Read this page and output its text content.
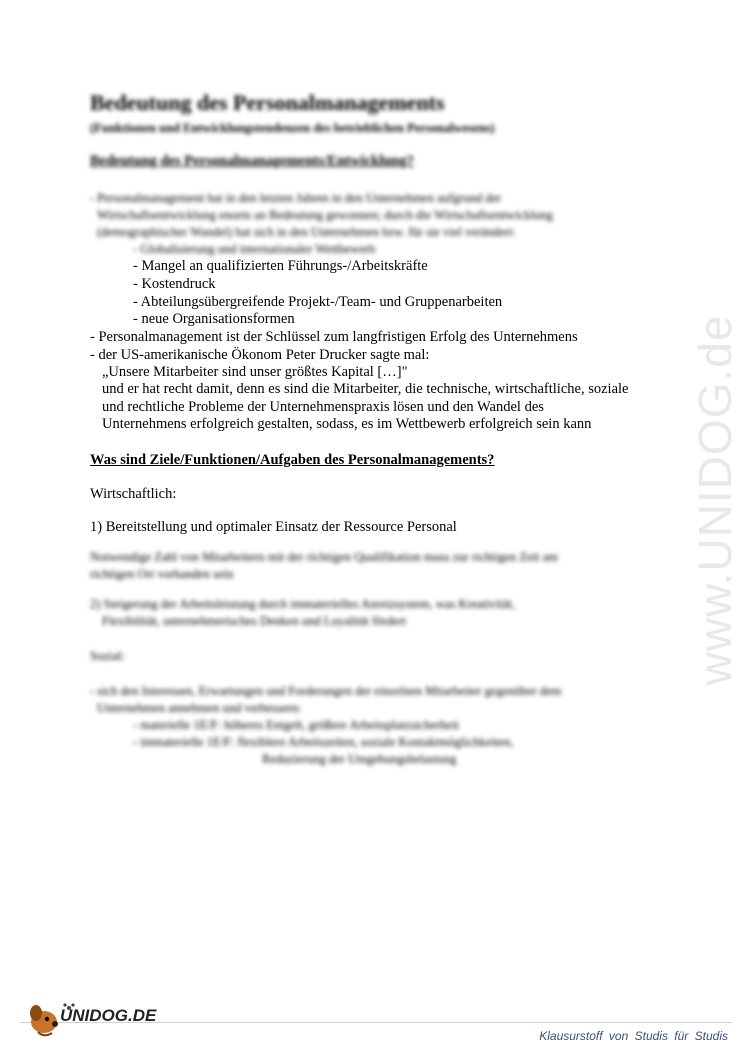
www.UNIDOG.de
Bedeutung des Personalmanagements
(Funktionen und Entwicklungstendenzen des betrieblichen Personalwesens)
Bedeutung des Personalmanagements/Entwicklung?
- Personalmanagement hat in den letzten Jahren in den Unternehmen aufgrund der
Wirtschaftsentwicklung enorm an Bedeutung gewonnen; durch die Wirtschaftsentwicklung
(demographischer Wandel) hat sich in den Unternehmen bzw. für sie viel verändert:
- Globalisierung und internationaler Wettbewerb
- Mangel an qualifizierten Führungs-/Arbeitskräfte
- Kostendruck
- Abteilungsübergreifende Projekt-/Team- und Gruppenarbeiten
- neue Organisationsformen
- Personalmanagement ist der Schlüssel zum langfristigen Erfolg des Unternehmens
- der US-amerikanische Ökonom Peter Drucker sagte mal:
„Unsere Mitarbeiter sind unser größtes Kapital […]"
und er hat recht damit, denn es sind die Mitarbeiter, die technische, wirtschaftliche, soziale
und rechtliche Probleme der Unternehmenspraxis lösen und den Wandel des
Unternehmens erfolgreich gestalten, sodass, es im Wettbewerb erfolgreich sein kann
Was sind Ziele/Funktionen/Aufgaben des Personalmanagements?
Wirtschaftlich:
1) Bereitstellung und optimaler Einsatz der Ressource Personal
Notwendige Zahl von Mitarbeitern mit der richtigen Qualifikation muss zur richtigen Zeit am
richtigen Ort vorhanden sein
2) Steigerung der Arbeitsleistung durch immaterielles Anreizsystem, was Kreativität,
Flexibilität, unternehmerisches Denken und Loyalität fördert
Sozial:
- sich den Interessen, Erwartungen und Forderungen der einzelnen Mitarbeiter gegenüber dem
Unternehmen annehmen und verbessern:
- materielle 1E/F: höheres Entgelt, größere Arbeitsplatzsicherheit
- immaterielle 1E/F: flexiblere Arbeitszeiten, soziale Kontaktmöglichkeiten,
Reduzierung der Umgebungsbelastung
UNIDOG.DE
Klausurstoff von Studis für Studis
